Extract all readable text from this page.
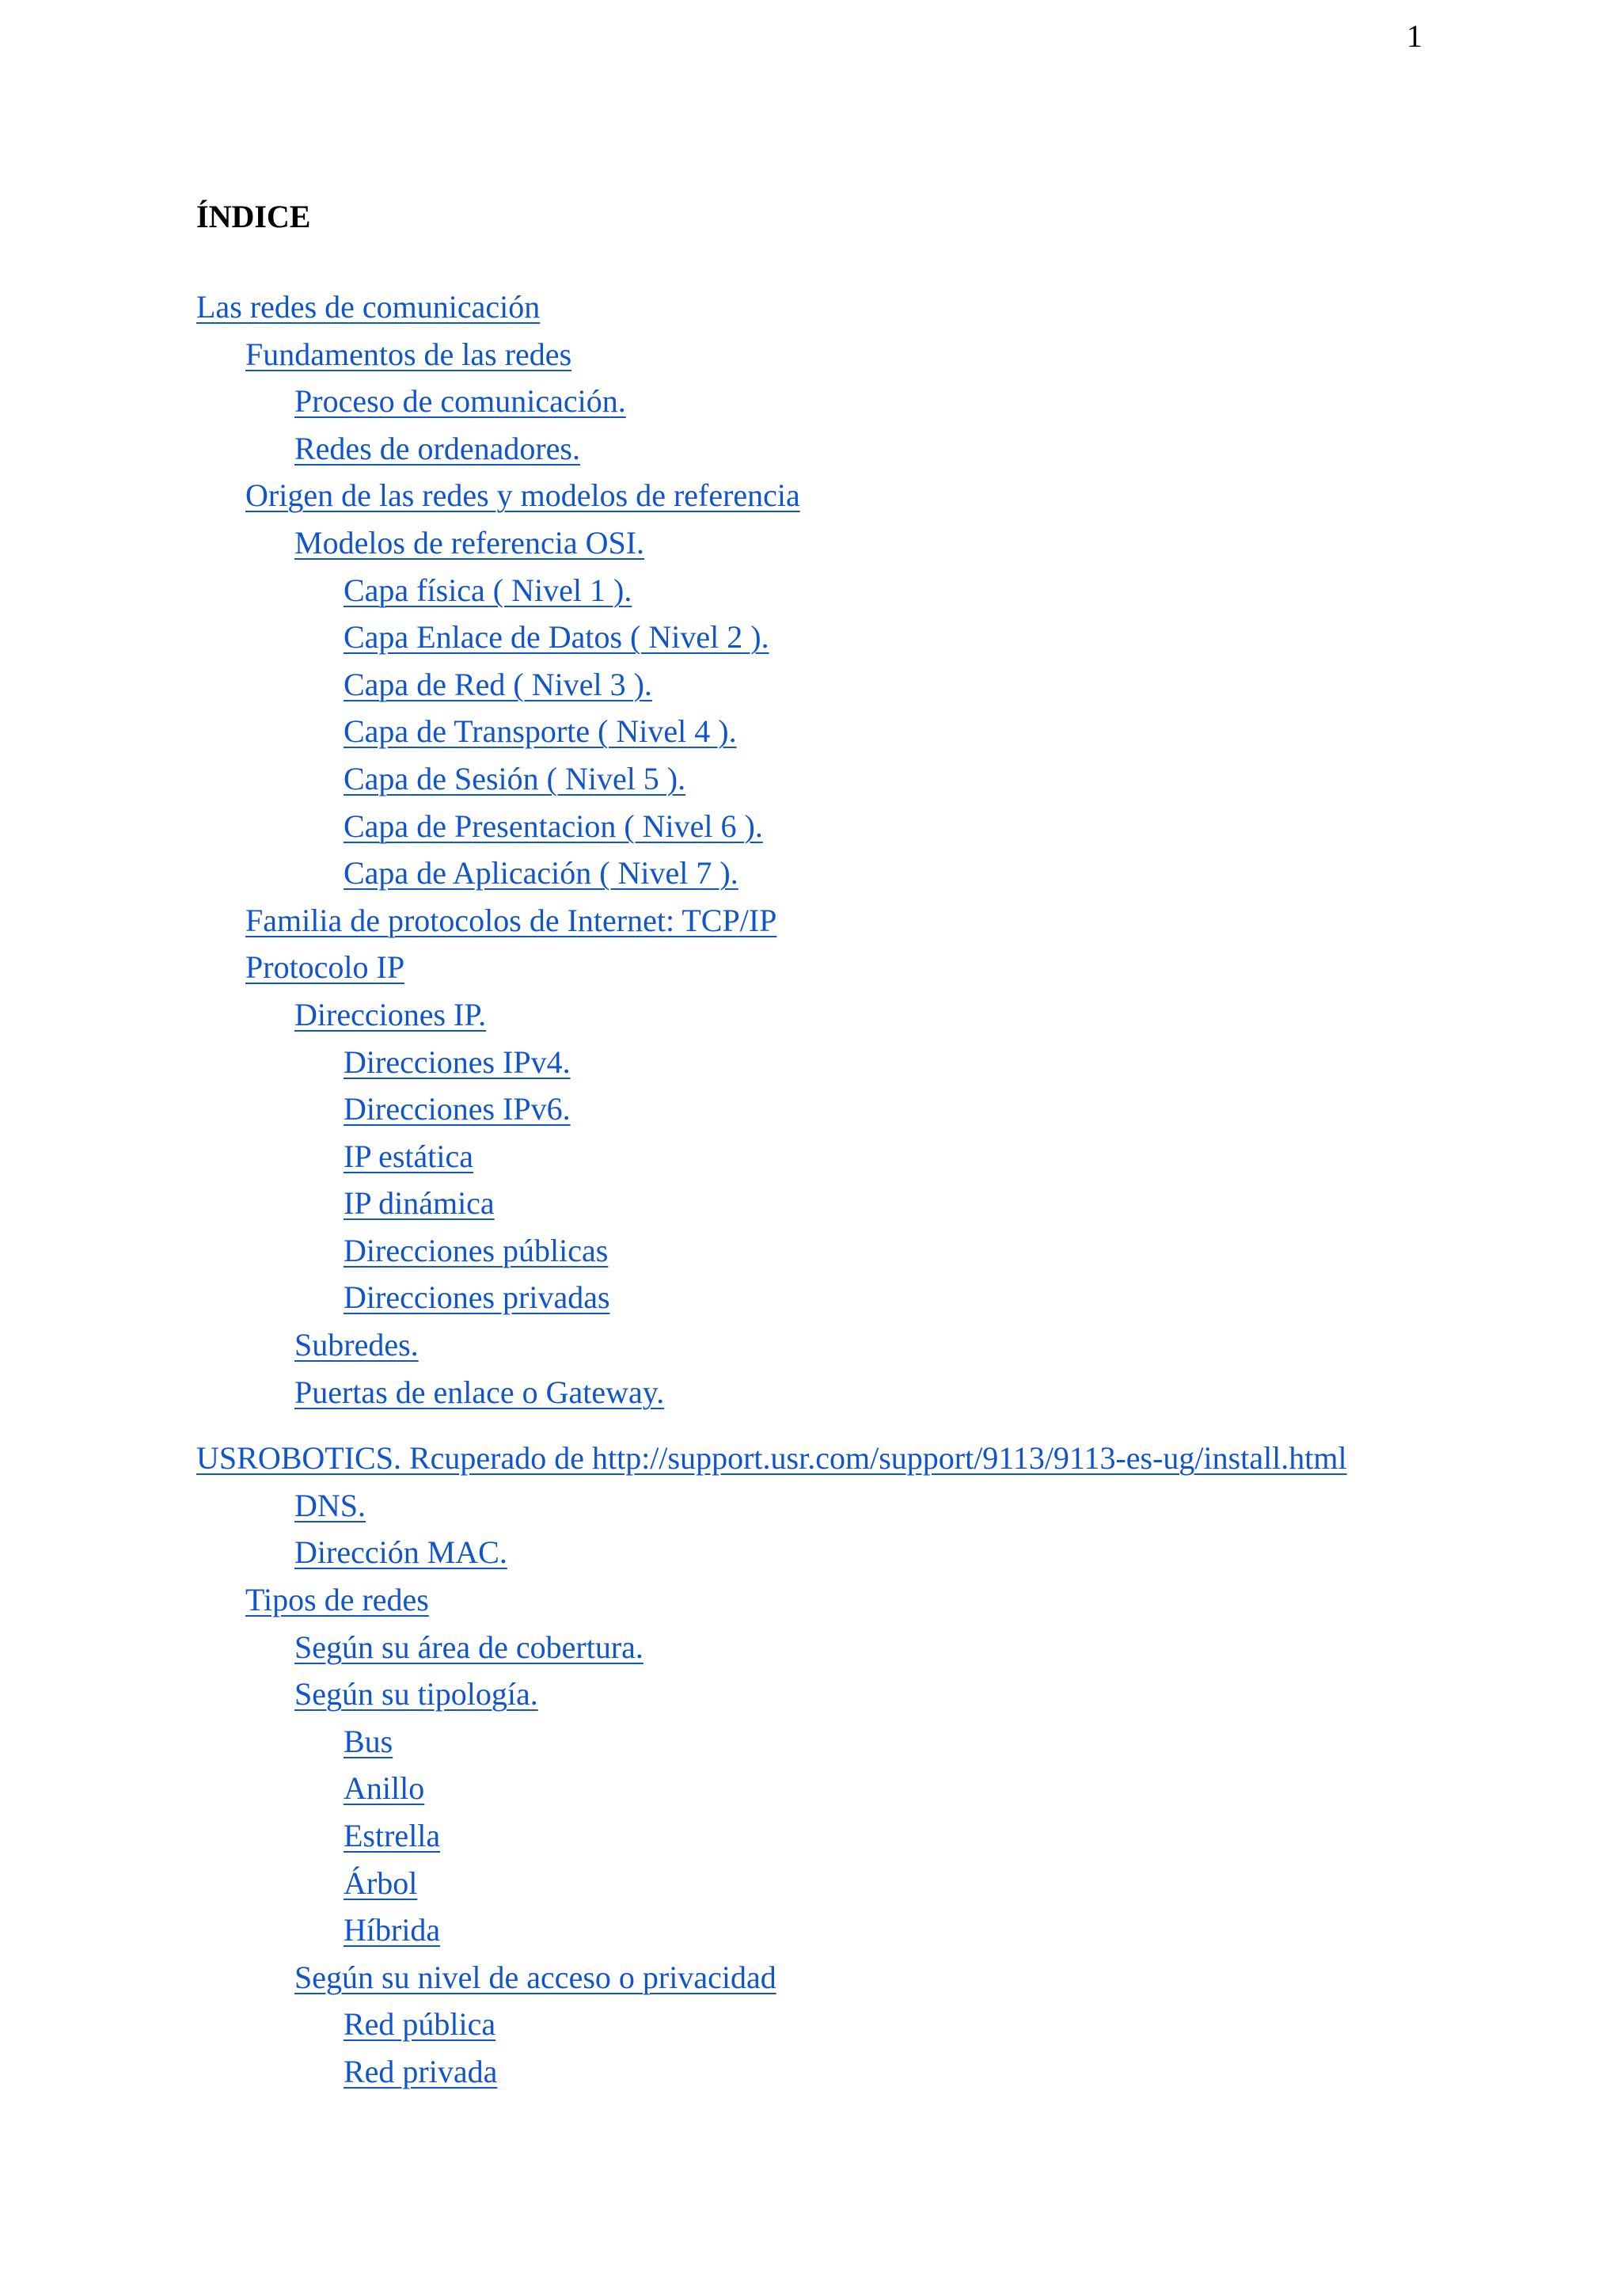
1
ÍNDICE
Las redes de comunicación
Fundamentos de las redes
Proceso de comunicación.
Redes de ordenadores.
Origen de las redes y modelos de referencia
Modelos de referencia OSI.
Capa física ( Nivel 1 ).
Capa Enlace de Datos ( Nivel 2 ).
Capa de Red ( Nivel 3 ).
Capa de Transporte ( Nivel 4 ).
Capa de Sesión ( Nivel 5 ).
Capa de Presentacion ( Nivel 6 ).
Capa de Aplicación ( Nivel 7 ).
Familia de protocolos de Internet: TCP/IP
Protocolo IP
Direcciones IP.
Direcciones IPv4.
Direcciones IPv6.
IP estática
IP dinámica
Direcciones públicas
Direcciones privadas
Subredes.
Puertas de enlace o Gateway.
USROBOTICS. Rcuperado de http://support.usr.com/support/9113/9113-es-ug/install.html
DNS.
Dirección MAC.
Tipos de redes
Según su área de cobertura.
Según su tipología.
Bus
Anillo
Estrella
Árbol
Híbrida
Según su nivel de acceso o privacidad
Red pública
Red privada
